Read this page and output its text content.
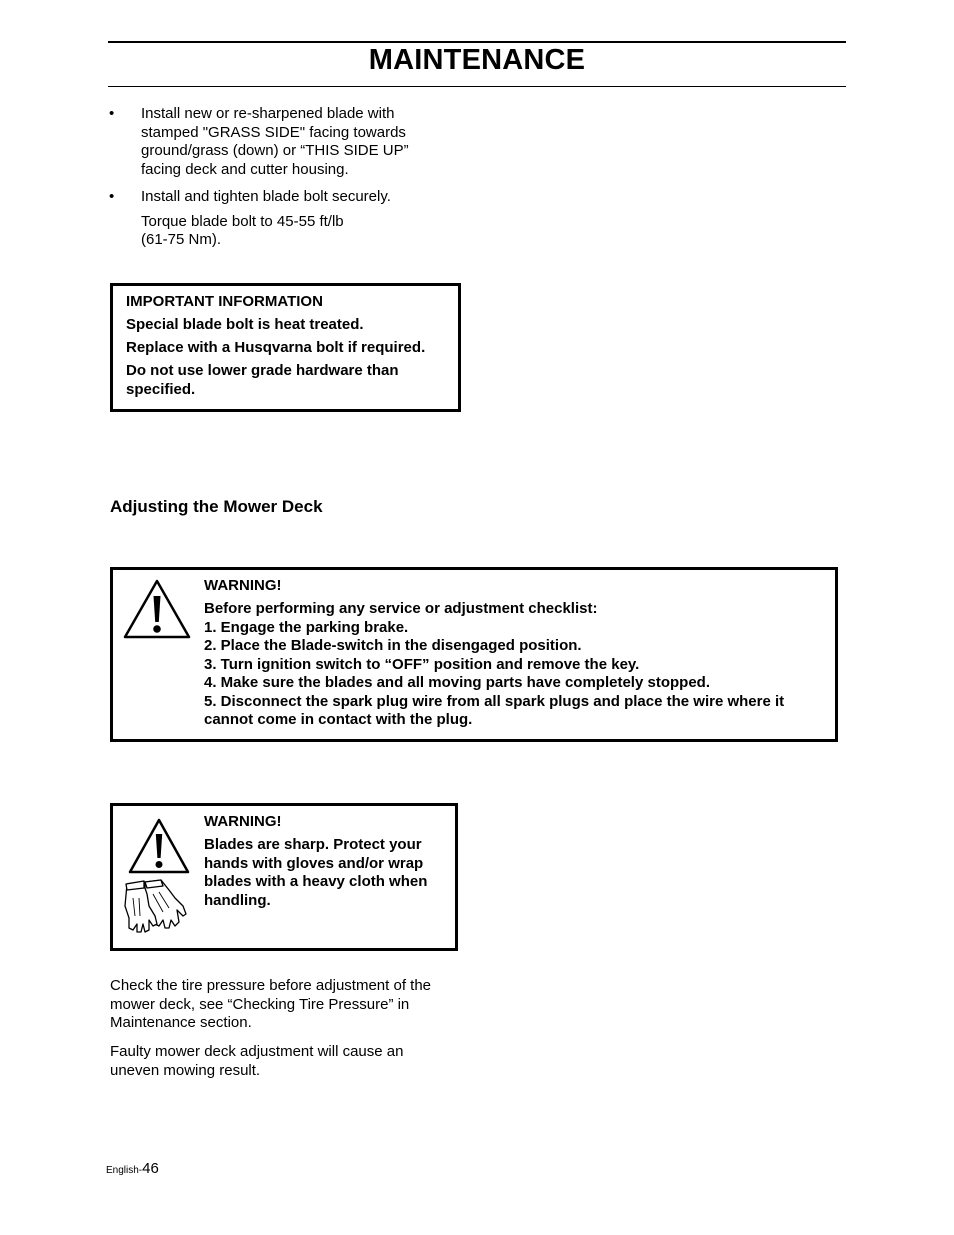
MAINTENANCE
• Install new or re-sharpened blade with stamped "GRASS SIDE" facing towards ground/grass (down) or “THIS SIDE UP” facing deck and cutter housing.
• Install and tighten blade bolt securely.
Torque blade bolt to 45-55 ft/lb
(61-75 Nm).
IMPORTANT INFORMATION
Special blade bolt is heat treated.
Replace with a Husqvarna bolt if required.
Do not use lower grade hardware than specified.
Adjusting the Mower Deck
WARNING!
Before performing any service or adjustment checklist:
1. Engage the parking brake.
2. Place the Blade-switch in the disengaged position.
3. Turn ignition switch to “OFF” position and remove the key.
4. Make sure the blades and all moving parts have completely stopped.
5. Disconnect the spark plug wire from all spark plugs and place the wire where it cannot come in contact with the plug.
WARNING!
Blades are sharp. Protect your hands with gloves and/or wrap blades with a heavy cloth when handling.
Check the tire pressure before adjustment of the mower deck, see “Checking Tire Pressure” in Maintenance section.
Faulty mower deck adjustment will cause an uneven mowing result.
English-46
